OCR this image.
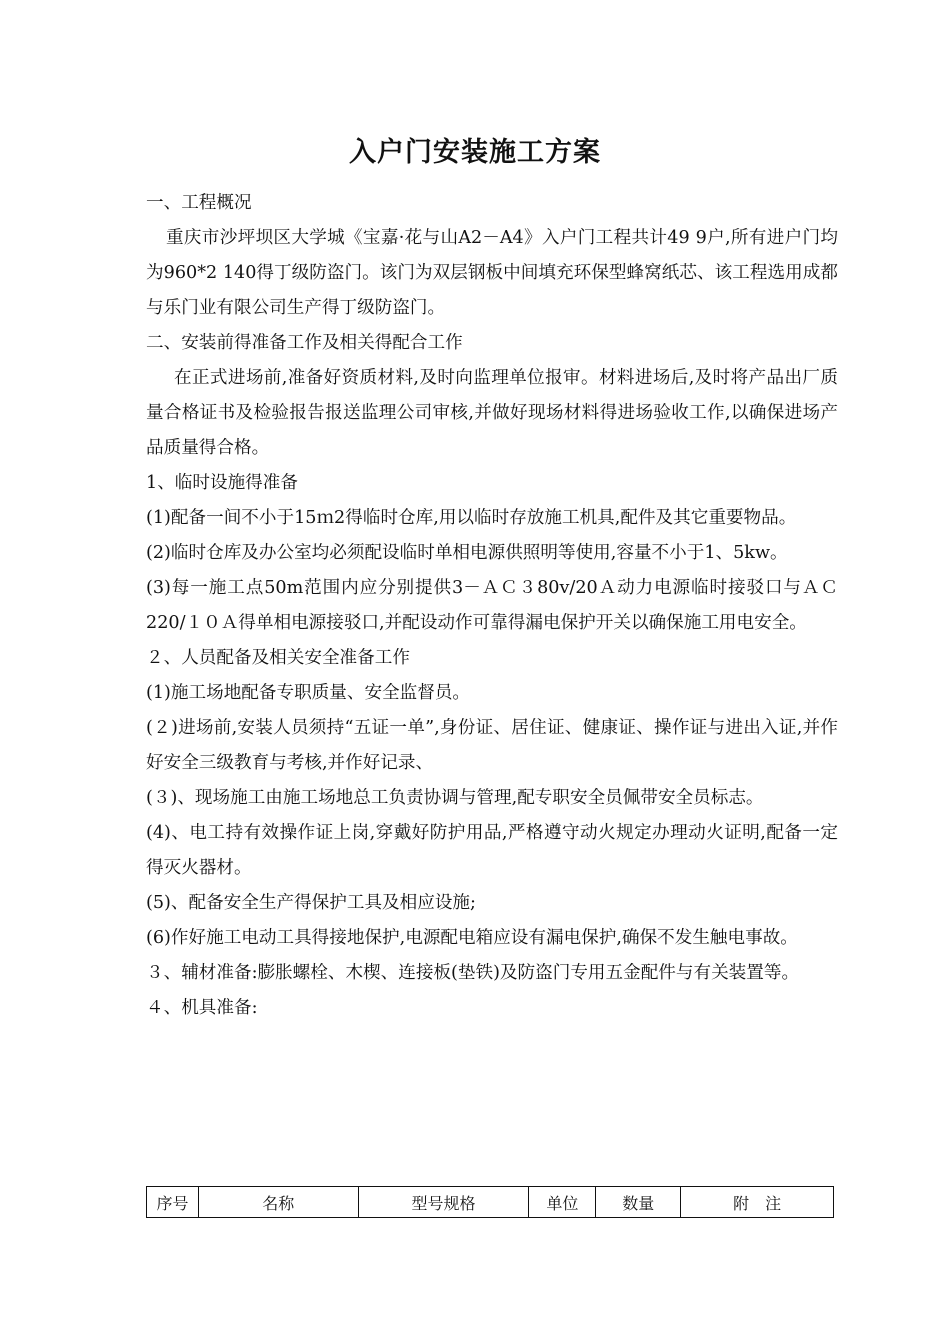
入户门安装施工方案

一、工程概况

重庆市沙坪坝区大学城《宝嘉·花与山A2－A4》入户门工程共计49 9户,所有进户门均为960*2 140得丁级防盗门。该门为双层钢板中间填充环保型蜂窝纸芯、该工程选用成都与乐门业有限公司生产得丁级防盗门。

二、安装前得准备工作及相关得配合工作

在正式进场前,准备好资质材料,及时向监理单位报审。材料进场后,及时将产品出厂质量合格证书及检验报告报送监理公司审核,并做好现场材料得进场验收工作,以确保进场产品质量得合格。

1、临时设施得准备

(1)配备一间不小于15ｍ2得临时仓库,用以临时存放施工机具,配件及其它重要物品。

(2)临时仓库及办公室均必须配设临时单相电源供照明等使用,容量不小于1、5kw。

(3)每一施工点50m范围内应分别提供3－ＡＣ３80v/20Ａ动力电源临时接驳口与ＡＣ220/１０Ａ得单相电源接驳口,并配设动作可靠得漏电保护开关以确保施工用电安全。

２、人员配备及相关安全准备工作

(1)施工场地配备专职质量、安全监督员。

(２)进场前,安装人员须持“五证一单”,身份证、居住证、健康证、操作证与进出入证,并作好安全三级教育与考核,并作好记录、

(３)、现场施工由施工场地总工负责协调与管理,配专职安全员佩带安全员标志。

(4)、电工持有效操作证上岗,穿戴好防护用品,严格遵守动火规定办理动火证明,配备一定得灭火器材。

(5)、配备安全生产得保护工具及相应设施;

(6)作好施工电动工具得接地保护,电源配电箱应设有漏电保护,确保不发生触电事故。

３、辅材准备:膨胀螺栓、木楔、连接板(垫铁)及防盗门专用五金配件与有关装置等。

４、机具准备:

序号	名称	型号规格	单位	数量	附　注
